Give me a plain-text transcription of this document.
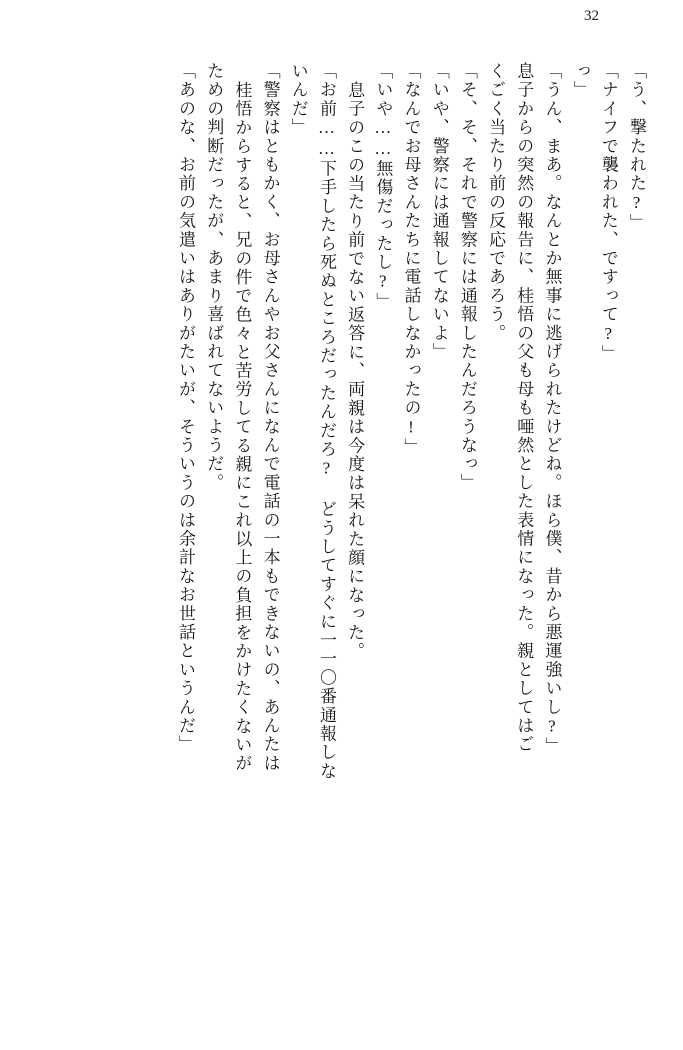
32
「う、撃たれた?」
「ナイフで襲われた、ですって?」
っ」
「うん、まあ。なんとか無事に逃げられたけどね。ほら僕、昔から悪運強いし?」
息子からの突然の報告に、桂悟の父も母も唖然とした表情になった。親としてはご
くごく当たり前の反応であろう。
「そ、そ、それで警察には通報したんだろうなっ」
「いや、警察には通報してないよ」
「なんでお母さんたちに電話しなかったの!」
「いや……無傷だったし?」
息子のこの当たり前でない返答に、両親は今度は呆れた顔になった。
「お前……下手したら死ぬところだったんだろ? どうしてすぐに一一〇番通報しな
いんだ」
「警察はともかく、お母さんやお父さんになんで電話の一本もできないの、あんたは
桂悟からすると、兄の件で色々と苦労してる親にこれ以上の負担をかけたくないが
ための判断だったが、あまり喜ばれてないようだ。
「あのな、お前の気遣いはありがたいが、そういうのは余計なお世話というんだ」
